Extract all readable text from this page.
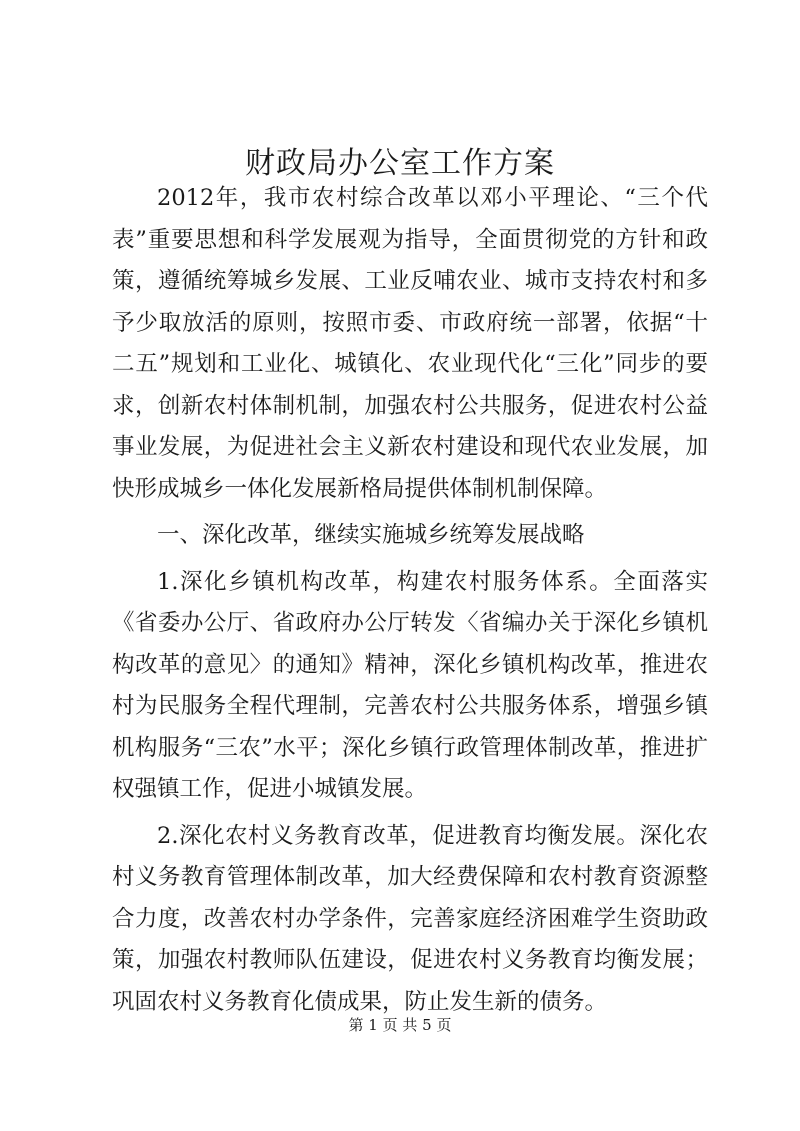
财政局办公室工作方案

2012年，我市农村综合改革以邓小平理论、“三个代表”重要思想和科学发展观为指导，全面贯彻党的方针和政策，遵循统筹城乡发展、工业反哺农业、城市支持农村和多予少取放活的原则，按照市委、市政府统一部署，依据“十二五”规划和工业化、城镇化、农业现代化“三化”同步的要求，创新农村体制机制，加强农村公共服务，促进农村公益事业发展，为促进社会主义新农村建设和现代农业发展，加快形成城乡一体化发展新格局提供体制机制保障。

一、深化改革，继续实施城乡统筹发展战略

1.深化乡镇机构改革，构建农村服务体系。全面落实《省委办公厅、省政府办公厅转发〈省编办关于深化乡镇机构改革的意见〉的通知》精神，深化乡镇机构改革，推进农村为民服务全程代理制，完善农村公共服务体系，增强乡镇机构服务“三农”水平；深化乡镇行政管理体制改革，推进扩权强镇工作，促进小城镇发展。

2.深化农村义务教育改革，促进教育均衡发展。深化农村义务教育管理体制改革，加大经费保障和农村教育资源整合力度，改善农村办学条件，完善家庭经济困难学生资助政策，加强农村教师队伍建设，促进农村义务教育均衡发展；巩固农村义务教育化债成果，防止发生新的债务。

第 1 页 共 5 页
